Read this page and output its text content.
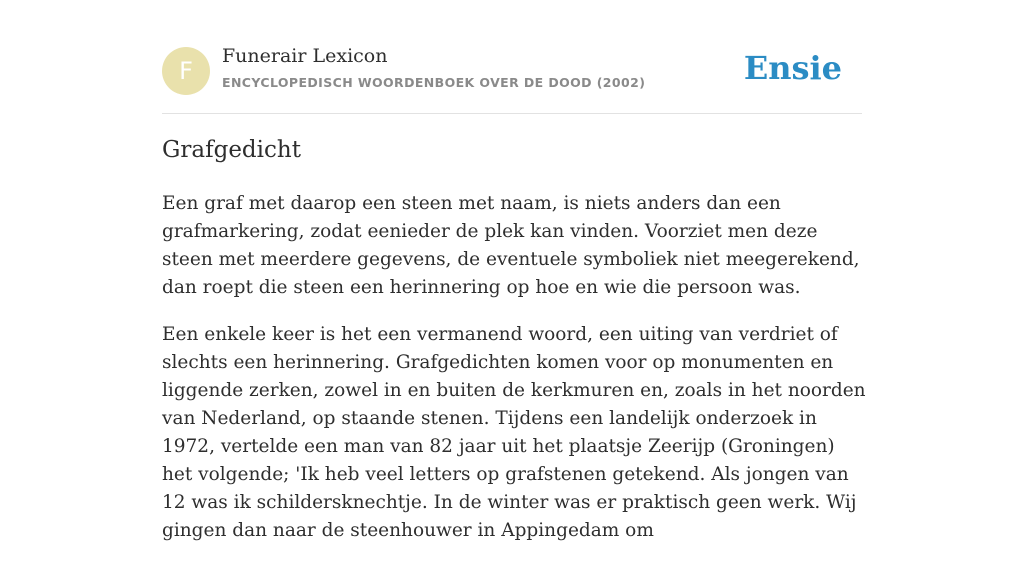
F
Funerair Lexicon
ENCYCLOPEDISCH WOORDENBOEK OVER DE DOOD (2002)	Ensie
Grafgedicht

Een graf met daarop een steen met naam, is niets anders dan een grafmarkering, zodat eenieder de plek kan vinden. Voorziet men deze steen met meerdere gegevens, de eventuele symboliek niet meegerekend, dan roept die steen een herinnering op hoe en wie die persoon was.

Een enkele keer is het een vermanend woord, een uiting van verdriet of slechts een herinnering. Grafgedichten komen voor op monumenten en liggende zerken, zowel in en buiten de kerkmuren en, zoals in het noorden van Nederland, op staande stenen. Tijdens een landelijk onderzoek in 1972, vertelde een man van 82 jaar uit het plaatsje Zeerijp (Groningen) het volgende; 'Ik heb veel letters op grafstenen getekend. Als jongen van 12 was ik schildersknechtje. In de winter was er praktisch geen werk. Wij gingen dan naar de steenhouwer in Appingedam om
